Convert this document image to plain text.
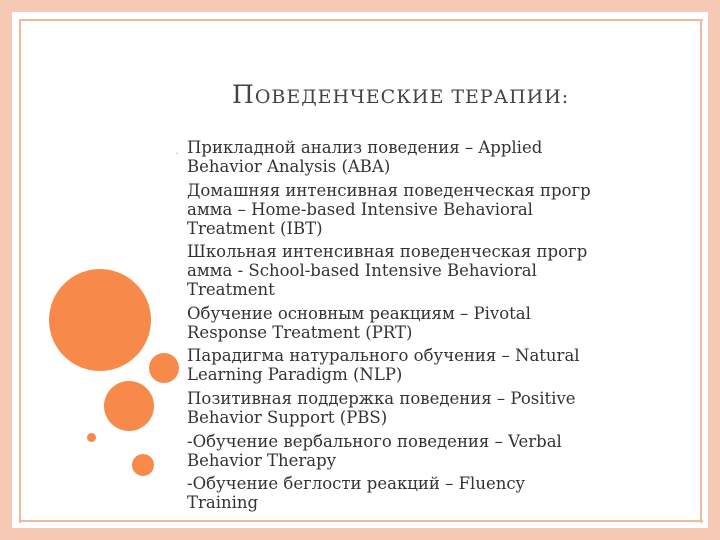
ПОВЕДЕНЧЕСКИЕ ТЕРАПИИ:
. Прикладной анализ поведения – Applied
Behavior Analysis (ABA)
Домашняя интенсивная поведенческая прогр
амма – Home-based Intensive Behavioral
Treatment (IBT)
Школьная интенсивная поведенческая прогр
амма - School-based Intensive Behavioral
Treatment
Обучение основным реакциям – Pivotal
Response Treatment (PRT)
Парадигма натурального обучения – Natural
Learning Paradigm (NLP)
Позитивная поддержка поведения – Positive
Behavior Support (PBS)
-Обучение вербального поведения – Verbal
Behavior Therapy
-Обучение беглости реакций – Fluency
Training
